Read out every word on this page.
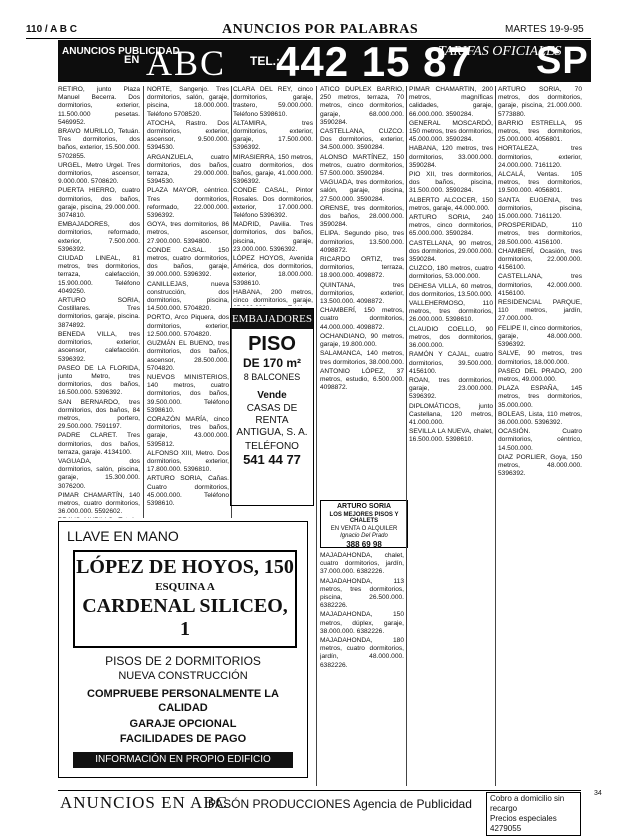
110 / A B C	ANUNCIOS POR PALABRAS	MARTES 19-9-95
ANUNCIOS PUBLICIDAD
EN ABC TEL.:
442 15 87
TARIFAS OFICIALES
SP

RETIRO, junto Plaza Manuel Becerra. Dos dormitorios, exterior, 11.500.000 pesetas. 5469952.

BRAVO MURILLO, Tetuán. Tres dormitorios, dos baños, exterior, 15.500.000. 5702855.

URGEL, Metro Urgel. Tres dormitorios, ascensor, 9.000.000. 5708620.

PUERTA HIERRO, cuatro dormitorios, dos baños, garaje, piscina, 29.000.000. 3074810.

EMBAJADORES, dos dormitorios, reformado, exterior, 7.500.000. 5396392.

CIUDAD LINEAL, 81 metros, tres dormitorios, terraza, calefacción, 15.900.000. Teléfono 4049250.

ARTURO SORIA, Costillares. Tres dormitorios, garaje, piscina. 3874892.

BENEDA VILLA, tres dormitorios, exterior, ascensor, calefacción. 5396392.

PASEO DE LA FLORIDA, junto Metro, tres dormitorios, dos baños, 16.500.000. 5396392.

SAN BERNARDO, tres dormitorios, dos baños, 84 metros, portero, 29.500.000. 7591197.

PADRE CLARET. Tres dormitorios, dos baños, terraza, garaje. 4134100.

VAGUADA, dos dormitorios, salón, piscina, garaje, 15.300.000. 3076200.

PIMAR CHAMARTÍN, 140 metros, cuatro dormitorios, 36.000.000. 5592602.

NORTE, Sangenjo. Tres dormitorios, salón, garaje, piscina, 18.000.000. Teléfono 5708520.

ATOCHA, Rastro. Dos dormitorios, exterior, ascensor, 9.500.000. 5394530.

ARGANZUELA, cuatro dormitorios, dos baños, terraza, 29.000.000. 5394530.

PLAZA MAYOR, céntrico. Tres dormitorios, reformado, 22.000.000. 5396392.

GOYA, tres dormitorios, 86 metros, ascensor, 27.900.000. 5394800.

CONDE CASAL. 150 metros, cuatro dormitorios, dos baños, garaje, 39.000.000. 5396392.

CANILLEJAS, nueva construcción, dos dormitorios, piscina, 14.500.000. 5704820.

PORTO, Arco Piquera, dos dormitorios, exterior, 12.500.000. 5704820.

GUZMÁN EL BUENO, tres dormitorios, dos baños, ascensor, 28.500.000. 5704820.

NUEVOS MINISTERIOS, 140 metros, cuatro dormitorios, dos baños, 39.500.000. Teléfono 5398610.

CORAZÓN MARÍA, cinco dormitorios, tres baños, garaje, 43.000.000. 5395812.

ALFONSO XIII, Metro. Dos dormitorios, exterior, 17.800.000. 5396810.

ARTURO SORIA, Cañas. Cuatro dormitorios, 45.000.000. Teléfono 5398610.

CLARA DEL REY, cinco dormitorios, garaje, trastero, 59.000.000. Teléfono 5398610.

ALTAMIRA, tres dormitorios, exterior, garaje, 17.500.000. 5396392.

MIRASIERRA, 150 metros, cuatro dormitorios, dos baños, garaje, 41.000.000. 5396392.

CONDE CASAL, Pintor Rosales. Dos dormitorios, exterior, 17.000.000. Teléfono 5396392.

MADRID, Pavilia. Tres dormitorios, dos baños, piscina, garaje, 23.000.000. 5396392.

LÓPEZ HOYOS, Avenida América, dos dormitorios, exterior, 18.000.000. 5398610.

HABANA, 200 metros, cinco dormitorios, garaje,

EMBAJADORES
PISO
DE 170 m²
8 BALCONES
Vende
CASAS DE RENTA ANTIGUA, S. A.
TELÉFONO
541 44 77

ATICO DUPLEX BARRIO, 250 metros, terraza, 70 metros, cinco dormitorios, garaje, 68.000.000. 3590284.

CASTELLANA, CUZCO. Dos dormitorios, exterior, 34.500.000. 3590284.

ALONSO MARTÍNEZ, 150 metros, cuatro dormitorios, 57.500.000. 3590284.

VAGUADA, tres dormitorios, salón, garaje, piscina, 27.500.000. 3590284.

ORENSE, tres dormitorios, dos baños, 28.000.000. 3590284.

ELIPA. Segundo piso, tres dormitorios, 13.500.000. 4098872.

RICARDO ORTIZ, tres dormitorios, terraza, 18.900.000. 4098872.

QUINTANA, tres dormitorios, exterior, 13.500.000. 4098872.

CHAMBERÍ, 150 metros, cuatro dormitorios, 44.000.000. 4098872.

OCHANDIANO, 90 metros, garaje, 19.800.000.

SALAMANCA, 140 metros, tres dormitorios, 38.000.000.

ANTONIO LÓPEZ, 37 metros, estudio, 6.500.000. 4098872.

ARTURO SORIA
LOS MEJORES PISOS Y CHALETS
EN VENTA O ALQUILER
Ignacio Del Prado
388 69 98

MAJADAHONDA, chalet, cuatro dormitorios, jardín, 37.000.000. 6382226.

MAJADAHONDA, 113 metros, tres dormitorios, piscina, 26.500.000. 6382226.

MAJADAHONDA, 150 metros, dúplex, garaje, 38.000.000. 6382226.

MAJADAHONDA, 180 metros, cuatro dormitorios, jardín, 48.000.000. 6382226.

PIMAR CHAMARTÍN, 200 metros, magníficas calidades, garaje, 66.000.000. 3590284.

GENERAL MOSCARDÓ, 150 metros, tres dormitorios, 45.000.000. 3590284.

HABANA, 120 metros, tres dormitorios, 33.000.000. 3590284.

PIO XII, tres dormitorios, dos baños, piscina, 31.500.000. 3590284.

ALBERTO ALCOCER, 150 metros, garaje, 44.000.000.

ARTURO SORIA, 240 metros, cinco dormitorios, 65.000.000. 3590284.

CASTELLANA, 90 metros, dos dormitorios, 29.000.000. 3590284.

CUZCO, 180 metros, cuatro dormitorios, 53.000.000.

DEHESA VILLA, 60 metros, dos dormitorios, 13.500.000.

VALLEHERMOSO, 110 metros, tres dormitorios, 26.000.000. 5398610.

CLAUDIO COELLO, 90 metros, dos dormitorios, 36.000.000.

RAMÓN Y CAJAL, cuatro dormitorios, 39.500.000. 4156100.

ROAN, tres dormitorios, garaje, 23.000.000. 5396392.

DIPLOMÁTICOS, junto Castellana, 120 metros, 41.000.000.

SEVILLA LA NUEVA, chalet, 16.500.000. 5398610.

ARTURO SORIA, 70 metros, dos dormitorios, garaje, piscina, 21.000.000. 5773880.

BARRIO ESTRELLA, 95 metros, tres dormitorios, 25.000.000. 4056801.

HORTALEZA, tres dormitorios, exterior, 24.000.000. 7161120.

ALCALÁ, Ventas. 105 metros, tres dormitorios, 19.500.000. 4056801.

SANTA EUGENIA, tres dormitorios, piscina, 15.000.000. 7161120.

PROSPERIDAD, 110 metros, tres dormitorios, 28.500.000. 4156100.

CHAMBERÍ, Ocasión, tres dormitorios, 22.000.000. 4156100.

CASTELLANA, tres dormitorios, 42.000.000. 4156100.

RESIDENCIAL PARQUE, 110 metros, jardín, 27.000.000.

FELIPE II, cinco dormitorios, garaje, 48.000.000. 5396392.

SALVE, 90 metros, tres dormitorios, 18.000.000.

PASEO DEL PRADO, 200 metros, 49.000.000.

PLAZA ESPAÑA, 145 metros, tres dormitorios, 35.000.000.

BOLEAS, Lista, 110 metros, 36.000.000. 5396392.

OCASIÓN. Cuatro dormitorios, céntrico, 14.500.000.

DIAZ PORLIER, Goya, 150 metros, 48.000.000. 5396392.

LLAVE EN MANO
LÓPEZ DE HOYOS, 150
ESQUINA A
CARDENAL SILICEO, 1
PISOS DE 2 DORMITORIOS
NUEVA CONSTRUCCIÓN
COMPRUEBE PERSONALMENTE LA
CALIDAD
GARAJE OPCIONAL
FACILIDADES DE PAGO
INFORMACIÓN EN PROPIO EDIFICIO
ANUNCIOS EN ABC
PASÓN PRODUCCIONES Agencia de Publicidad Cobro a domicilio sin recargo
Precios especiales 4279055
34
